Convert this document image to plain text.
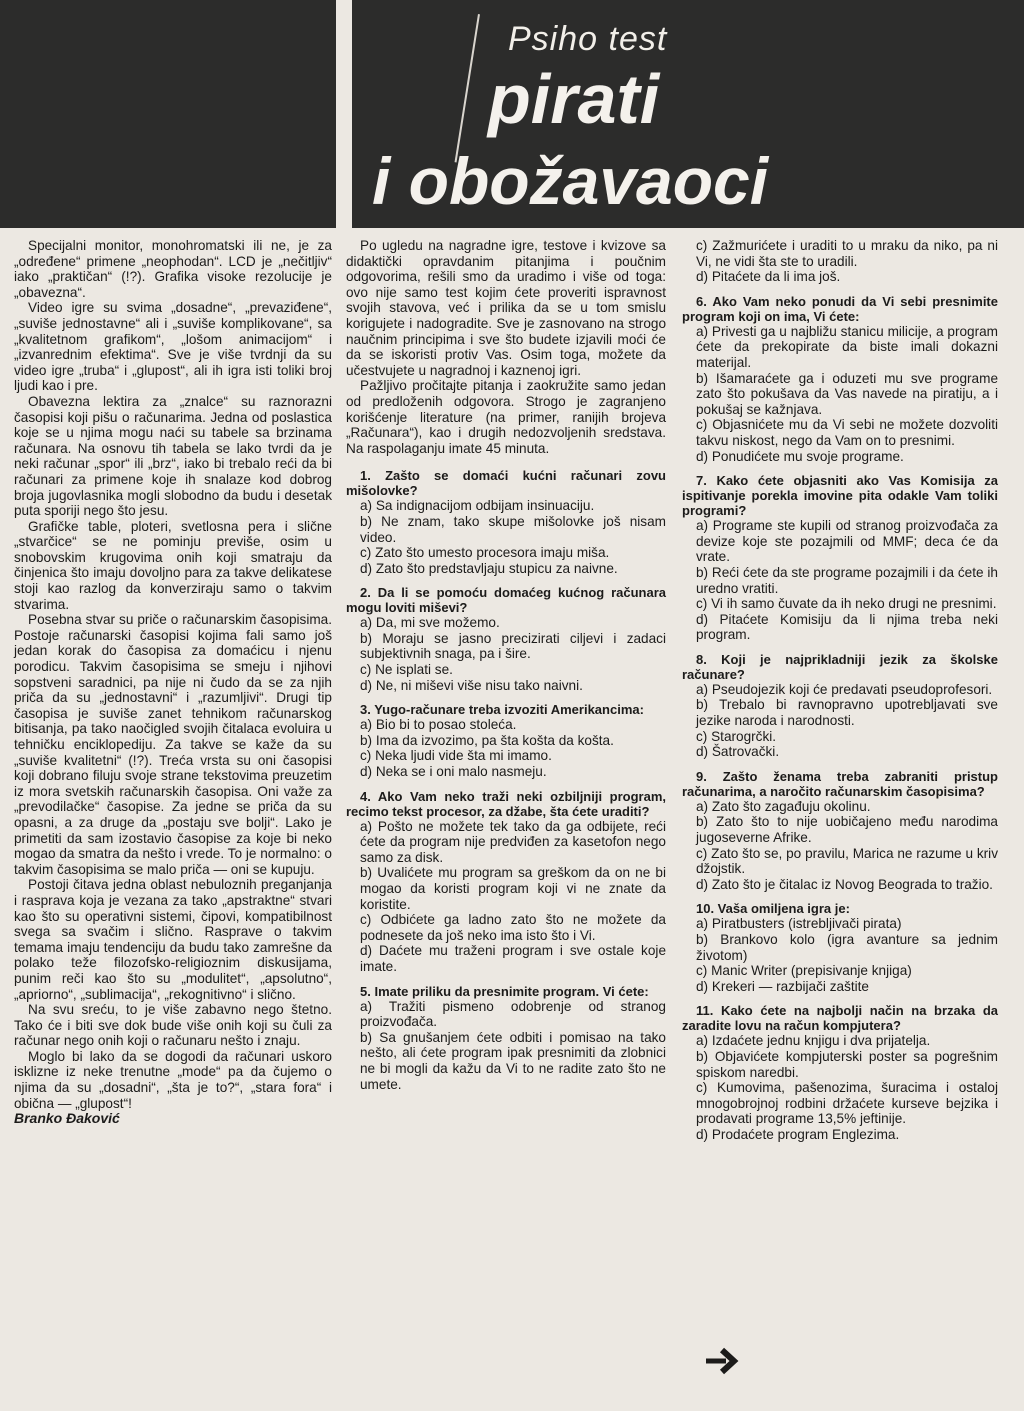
Psiho test
pirati
i obožavaoci

Specijalni monitor, monohromatski ili ne, je za „određene“ primene „neophodan“. LCD je „nečitljiv“ iako „praktičan“ (!?). Grafika visoke rezolucije je „obavezna“.

Video igre su svima „dosadne“, „prevaziđene“, „suviše jednostavne“ ali i „suviše komplikovane“, sa „kvalitetnom grafikom“, „lošom animacijom“ i „izvanrednim efektima“. Sve je više tvrdnji da su video igre „truba“ i „glupost“, ali ih igra isti toliki broj ljudi kao i pre.

Obavezna lektira za „znalce“ su raznorazni časopisi koji pišu o računarima. Jedna od poslastica koje se u njima mogu naći su tabele sa brzinama računara. Na osnovu tih tabela se lako tvrdi da je neki računar „spor“ ili „brz“, iako bi trebalo reći da bi računari za primene koje ih snalaze kod dobrog broja jugovlasnika mogli slobodno da budu i desetak puta sporiji nego što jesu.

Grafičke table, ploteri, svetlosna pera i slične „stvarčice“ se ne pominju previše, osim u snobovskim krugovima onih koji smatraju da činjenica što imaju dovoljno para za takve delikatese stoji kao razlog da konverziraju samo o takvim stvarima.

Posebna stvar su priče o računarskim časopisima. Postoje računarski časopisi kojima fali samo još jedan korak do časopisa za domaćicu i njenu porodicu. Takvim časopisima se smeju i njihovi sopstveni saradnici, pa nije ni čudo da se za njih priča da su „jednostavni“ i „razumljivi“. Drugi tip časopisa je suviše zanet tehnikom računarskog bitisanja, pa tako naočigled svojih čitalaca evoluira u tehničku enciklopediju. Za takve se kaže da su „suviše kvalitetni“ (!?). Treća vrsta su oni časopisi koji dobrano filuju svoje strane tekstovima preuzetim iz mora svetskih računarskih časopisa. Oni važe za „prevodilačke“ časopise. Za jedne se priča da su opasni, a za druge da „postaju sve bolji“. Lako je primetiti da sam izostavio časopise za koje bi neko mogao da smatra da nešto i vrede. To je normalno: o takvim časopisima se malo priča — oni se kupuju.

Postoji čitava jedna oblast nebuloznih preganjanja i rasprava koja je vezana za tako „apstraktne“ stvari kao što su operativni sistemi, čipovi, kompatibilnost svega sa svačim i slično. Rasprave o takvim temama imaju tendenciju da budu tako zamrešne da polako teže filozofsko-religioznim diskusijama, punim reči kao što su „modulitet“, „apsolutno“, „apriorno“, „sublimacija“, „rekognitivno“ i slično.

Na svu sreću, to je više zabavno nego štetno. Tako će i biti sve dok bude više onih koji su čuli za računar nego onih koji o računaru nešto i znaju.

Moglo bi lako da se dogodi da računari uskoro isklizne iz neke trenutne „mode“ pa da čujemo o njima da su „dosadni“, „šta je to?“, „stara fora“ i obična — „glupost“!

Branko Đaković

Po ugledu na nagradne igre, testove i kvizove sa didaktički opravdanim pitanjima i poučnim odgovorima, rešili smo da uradimo i više od toga: ovo nije samo test kojim ćete proveriti ispravnost svojih stavova, već i prilika da se u tom smislu korigujete i nadogradite. Sve je zasnovano na strogo naučnim principima i sve što budete izjavili moći će da se iskoristi protiv Vas. Osim toga, možete da učestvujete u nagradnoj i kaznenoj igri.

Pažljivo pročitajte pitanja i zaokružite samo jedan od predloženih odgovora. Strogo je zagranjeno korišćenje literature (na primer, ranijih brojeva „Računara“), kao i drugih nedozvoljenih sredstava. Na raspolaganju imate 45 minuta.

1. Zašto se domaći kućni računari zovu mišolovke?

a) Sa indignacijom odbijam insinuaciju.

b) Ne znam, tako skupe mišolovke još nisam video.

c) Zato što umesto procesora imaju miša.

d) Zato što predstavljaju stupicu za naivne.

2. Da li se pomoću domaćeg kućnog računara mogu loviti miševi?

a) Da, mi sve možemo.

b) Moraju se jasno precizirati ciljevi i zadaci subjektivnih snaga, pa i šire.

c) Ne isplati se.

d) Ne, ni miševi više nisu tako naivni.

3. Yugo-računare treba izvoziti Amerikancima:

a) Bio bi to posao stoleća.

b) Ima da izvozimo, pa šta košta da košta.

c) Neka ljudi vide šta mi imamo.

d) Neka se i oni malo nasmeju.

4. Ako Vam neko traži neki ozbiljniji program, recimo tekst procesor, za džabe, šta ćete uraditi?

a) Pošto ne možete tek tako da ga odbijete, reći ćete da program nije predviđen za kasetofon nego samo za disk.

b) Uvalićete mu program sa greškom da on ne bi mogao da koristi program koji vi ne znate da koristite.

c) Odbićete ga ladno zato što ne možete da podnesete da još neko ima isto što i Vi.

d) Daćete mu traženi program i sve ostale koje imate.

5. Imate priliku da presnimite program. Vi ćete:

a) Tražiti pismeno odobrenje od stranog proizvođača.

b) Sa gnušanjem ćete odbiti i pomisao na tako nešto, ali ćete program ipak presnimiti da zlobnici ne bi mogli da kažu da Vi to ne radite zato što ne umete.

c) Zažmurićete i uraditi to u mraku da niko, pa ni Vi, ne vidi šta ste to uradili.

d) Pitaćete da li ima još.

6. Ako Vam neko ponudi da Vi sebi presnimite program koji on ima, Vi ćete:

a) Privesti ga u najbližu stanicu milicije, a program ćete da prekopirate da biste imali dokazni materijal.

b) Išamaraćete ga i oduzeti mu sve programe zato što pokušava da Vas navede na piratiju, a i pokušaj se kažnjava.

c) Objasnićete mu da Vi sebi ne možete dozvoliti takvu niskost, nego da Vam on to presnimi.

d) Ponudićete mu svoje programe.

7. Kako ćete objasniti ako Vas Komisija za ispitivanje porekla imovine pita odakle Vam toliki programi?

a) Programe ste kupili od stranog proizvođača za devize koje ste pozajmili od MMF; deca će da vrate.

b) Reći ćete da ste programe pozajmili i da ćete ih uredno vratiti.

c) Vi ih samo čuvate da ih neko drugi ne presnimi.

d) Pitaćete Komisiju da li njima treba neki program.

8. Koji je najprikladniji jezik za školske računare?

a) Pseudojezik koji će predavati pseudoprofesori.

b) Trebalo bi ravnopravno upotrebljavati sve jezike naroda i narodnosti.

c) Starogrčki.

d) Šatrovački.

9. Zašto ženama treba zabraniti pristup računarima, a naročito računarskim časopisima?

a) Zato što zagađuju okolinu.

b) Zato što to nije uobičajeno među narodima jugoseverne Afrike.

c) Zato što se, po pravilu, Marica ne razume u kriv džojstik.

d) Zato što je čitalac iz Novog Beograda to tražio.

10. Vaša omiljena igra je:

a) Piratbusters (istrebljivači pirata)

b) Brankovo kolo (igra avanture sa jednim životom)

c) Manic Writer (prepisivanje knjiga)

d) Krekeri — razbijači zaštite

11. Kako ćete na najbolji način na brzaka da zaradite lovu na račun kompjutera?

a) Izdaćete jednu knjigu i dva prijatelja.

b) Objavićete kompjuterski poster sa pogrešnim spiskom naredbi.

c) Kumovima, pašenozima, šuracima i ostaloj mnogobrojnoj rodbini držaćete kurseve bejzika i prodavati programe 13,5% jeftinije.

d) Prodaćete program Englezima.
